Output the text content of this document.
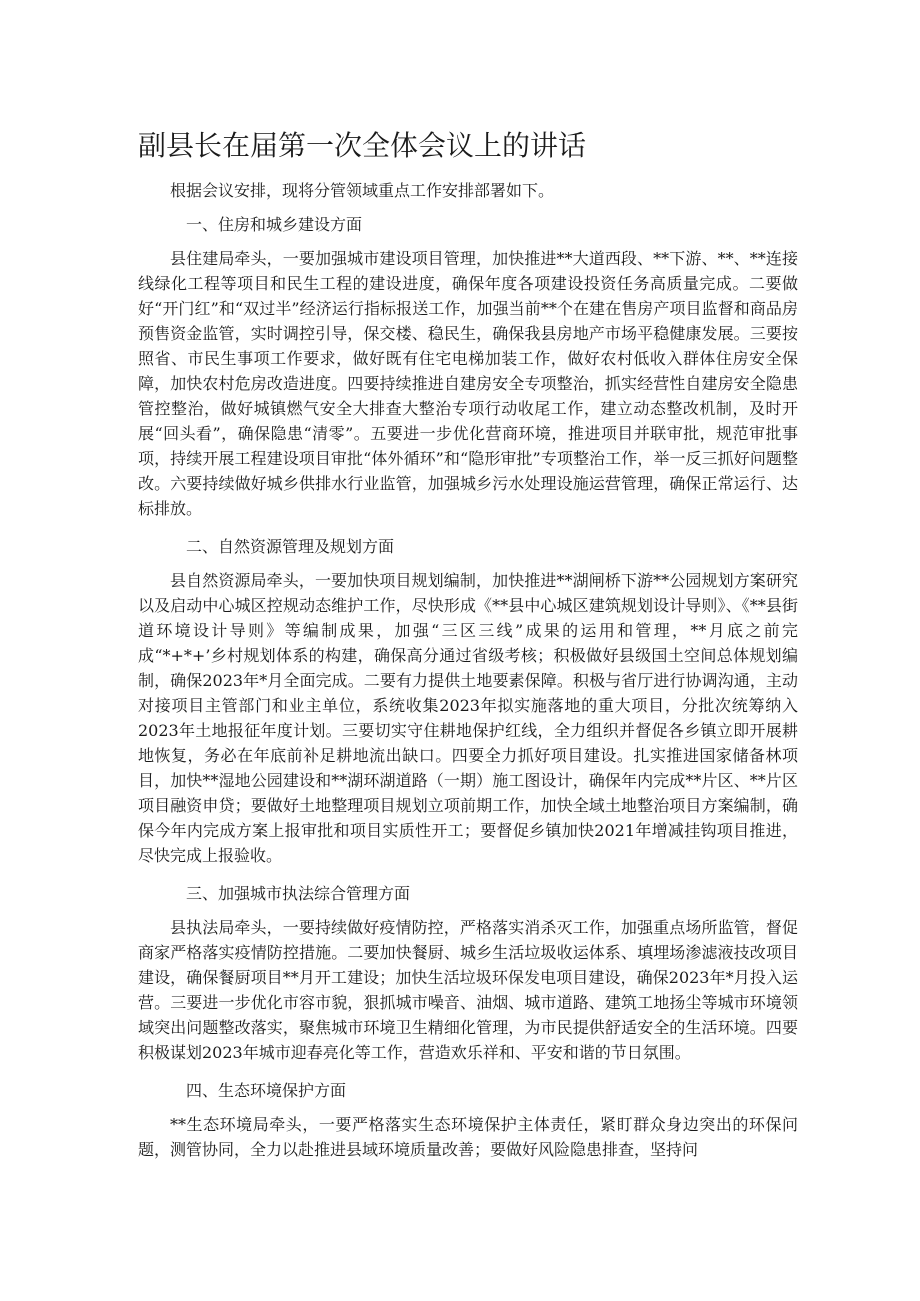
副县长在届第一次全体会议上的讲话

根据会议安排，现将分管领域重点工作安排部署如下。

一、住房和城乡建设方面

县住建局牵头，一要加强城市建设项目管理，加快推进**大道西段、**下游、**、**连接线绿化工程等项目和民生工程的建设进度，确保年度各项建设投资任务高质量完成。二要做好“开门红”和“双过半”经济运行指标报送工作，加强当前**个在建在售房产项目监督和商品房预售资金监管，实时调控引导，保交楼、稳民生，确保我县房地产市场平稳健康发展。三要按照省、市民生事项工作要求，做好既有住宅电梯加装工作，做好农村低收入群体住房安全保障，加快农村危房改造进度。四要持续推进自建房安全专项整治，抓实经营性自建房安全隐患管控整治，做好城镇燃气安全大排查大整治专项行动收尾工作，建立动态整改机制，及时开展“回头看”，确保隐患“清零”。五要进一步优化营商环境，推进项目并联审批，规范审批事项，持续开展工程建设项目审批“体外循环”和“隐形审批”专项整治工作，举一反三抓好问题整改。六要持续做好城乡供排水行业监管，加强城乡污水处理设施运营管理，确保正常运行、达标排放。

二、自然资源管理及规划方面

县自然资源局牵头，一要加快项目规划编制，加快推进**湖闸桥下游**公园规划方案研究以及启动中心城区控规动态维护工作，尽快形成《**县中心城区建筑规划设计导则》、《**县街道环境设计导则》等编制成果，加强“三区三线”成果的运用和管理，**月底之前完成“*+*+’乡村规划体系的构建，确保高分通过省级考核；积极做好县级国土空间总体规划编制，确保2023年*月全面完成。二要有力提供土地要素保障。积极与省厅进行协调沟通，主动对接项目主管部门和业主单位，系统收集2023年拟实施落地的重大项目，分批次统筹纳入2023年土地报征年度计划。三要切实守住耕地保护红线，全力组织并督促各乡镇立即开展耕地恢复，务必在年底前补足耕地流出缺口。四要全力抓好项目建设。扎实推进国家储备林项目，加快**湿地公园建设和**湖环湖道路（一期）施工图设计，确保年内完成**片区、**片区项目融资申贷；要做好土地整理项目规划立项前期工作，加快全域土地整治项目方案编制，确保今年内完成方案上报审批和项目实质性开工；要督促乡镇加快2021年增减挂钩项目推进，尽快完成上报验收。

三、加强城市执法综合管理方面

县执法局牵头，一要持续做好疫情防控，严格落实消杀灭工作，加强重点场所监管，督促商家严格落实疫情防控措施。二要加快餐厨、城乡生活垃圾收运体系、填埋场渗滤液技改项目建设，确保餐厨项目**月开工建设；加快生活垃圾环保发电项目建设，确保2023年*月投入运营。三要进一步优化市容市貌，狠抓城市噪音、油烟、城市道路、建筑工地扬尘等城市环境领域突出问题整改落实，聚焦城市环境卫生精细化管理，为市民提供舒适安全的生活环境。四要积极谋划2023年城市迎春亮化等工作，营造欢乐祥和、平安和谐的节日氛围。

四、生态环境保护方面

**生态环境局牵头，一要严格落实生态环境保护主体责任，紧盯群众身边突出的环保问题，测管协同，全力以赴推进县域环境质量改善；要做好风险隐患排查，坚持问
